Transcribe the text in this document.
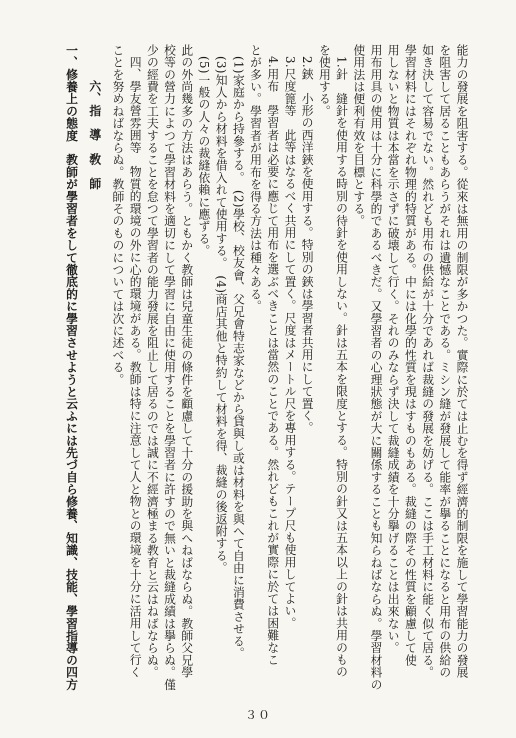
能力の發展を阻害する。從來は無用の制限が多かつた。實際に於ては止むを得ず經濟的制限を施して學習能力の發展
を阻害して居ることもあらうがそれは遺憾なことである。ミシン縫が發展して能率が擧ることになると用布の供給の
如き決して容易でない。然れども用布の供給が十分であれば裁縫の發展を妨げる。ここは手工材料に能く似て居る。
學習材料にはそれぞれ物理的特質がある。中には化學的性質を現はすものもある。裁縫の際その性質を顧慮して使
用しないと物質は本當を示さずに破壊して行く。それのみならず決して裁縫成績を十分擧げることは出來ない。
用布用具の使用は十分に科學的であるべきだ。又學習者の心理狀態が大に關係することも知らねばならぬ。學習材料の
使用法は便利有效を目標とする。
1.針　縫針を使用する時別の待針を使用しない。針は五本を限度とする。特別の針又は五本以上の針は共用のもの
を使用する。
2.鋏　小形の西洋鋏を使用する。特別の鋏は學習者共用にして置く。
3.尺度篦等　此等はなるべく共用にして置く。尺度はメートル尺を專用する。テープ尺も使用してよい。
4.用布　學習者は必要に應じて用布を選ぶべきことは當然のことである。然れどもこれが實際に於ては困難なこ
とが多い。學習者が用布を得る方法は種々ある。
(1)家庭から持參する。　(2)學校、校友會、父兄會特志家などから貸與し或は材料を與へて自由に消費させる。
(3)知人から材料を借入れて使用する。　(4)商店其他と特約して材料を得、裁縫の後返附する。
(5)一般の人々の裁縫依賴に應ずる。
此の外尚幾多の方法はあらう。ともかく教師は兒童生徒の條件を顧慮して十分の援助を與へねばならぬ。教師父兄學
校等の營力によつて學習材料を適切にして學習に自由に使用することを學習者に許すので無いと裁縫成績は擧らぬ。僅
少の經費を工夫することを怠つて學習者の能力發展を阻止して居るのでは誠に不經濟極まる教育と云はねばならぬ。
四、學友營雰囲等　物質的環境の外に心的環境がある。教師は特に注意して人と物との環境を十分に活用して行く
ことを努めねばならぬ。教師そのものについては次に述べる。
六、指　導　敎　師
一、修養上の態度　教師が學習者をして徹底的に學習させようと云ふには先づ自ら修養、知識、技能、學習指導の四方
３０
